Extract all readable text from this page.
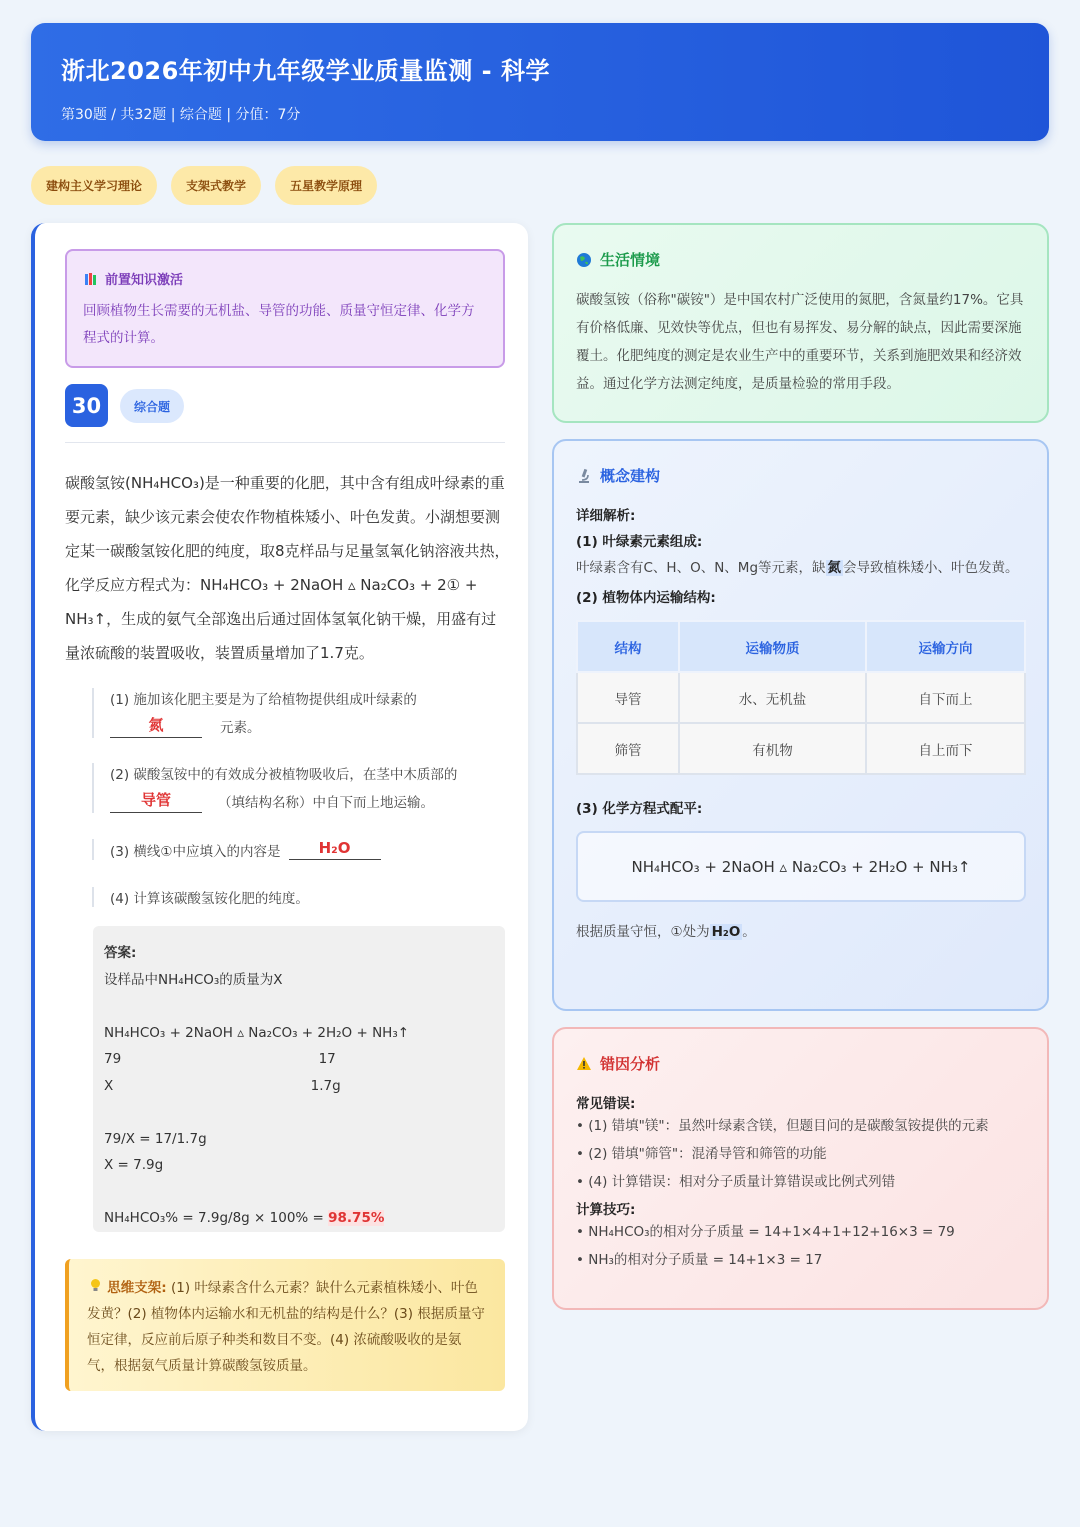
浙北2026年初中九年级学业质量监测 - 科学
第30题 / 共32题 | 综合题 | 分值：7分
建构主义学习理论	支架式教学	五星教学原理
前置知识激活
回顾植物生长需要的无机盐、导管的功能、质量守恒定律、化学方程式的计算。
30	综合题
碳酸氢铵(NH₄HCO₃)是一种重要的化肥，其中含有组成叶绿素的重要元素，缺少该元素会使农作物植株矮小、叶色发黄。小湖想要测定某一碳酸氢铵化肥的纯度，取8克样品与足量氢氧化钠溶液共热，化学反应方程式为：NH₄HCO₃ + 2NaOH ▵ Na₂CO₃ + 2① + NH₃↑，生成的氨气全部逸出后通过固体氢氧化钠干燥，用盛有过量浓硫酸的装置吸收，装置质量增加了1.7克。
(1) 施加该化肥主要是为了给植物提供组成叶绿素的
氮	元素。
(2) 碳酸氢铵中的有效成分被植物吸收后，在茎中木质部的
导管	（填结构名称）中自下而上地运输。
(3) 横线①中应填入的内容是	H₂O
(4) 计算该碳酸氢铵化肥的纯度。
答案:
设样品中NH₄HCO₃的质量为X
NH₄HCO₃ + 2NaOH ▵ Na₂CO₃ + 2H₂O + NH₃↑
79                                              17
X                                              1.7g
79/X = 17/1.7g
X = 7.9g
NH₄HCO₃% = 7.9g/8g × 100% = 98.75%
思维支架: (1) 叶绿素含什么元素？缺什么元素植株矮小、叶色发黄？(2) 植物体内运输水和无机盐的结构是什么？(3) 根据质量守恒定律，反应前后原子种类和数目不变。(4) 浓硫酸吸收的是氨气，根据氨气质量计算碳酸氢铵质量。
生活情境
碳酸氢铵（俗称"碳铵"）是中国农村广泛使用的氮肥，含氮量约17%。它具有价格低廉、见效快等优点，但也有易挥发、易分解的缺点，因此需要深施覆土。化肥纯度的测定是农业生产中的重要环节，关系到施肥效果和经济效益。通过化学方法测定纯度，是质量检验的常用手段。
概念建构
详细解析:
(1) 叶绿素元素组成:
叶绿素含有C、H、O、N、Mg等元素，缺 氮 会导致植株矮小、叶色发黄。
(2) 植物体内运输结构:
结构	运输物质	运输方向
导管	水、无机盐	自下而上
筛管	有机物	自上而下
(3) 化学方程式配平:
NH₄HCO₃ + 2NaOH ▵ Na₂CO₃ + 2H₂O + NH₃↑
根据质量守恒，①处为 H₂O 。
错因分析
常见错误:
• (1) 错填"镁"：虽然叶绿素含镁，但题目问的是碳酸氢铵提供的元素
• (2) 错填"筛管"：混淆导管和筛管的功能
• (4) 计算错误：相对分子质量计算错误或比例式列错
计算技巧:
• NH₄HCO₃的相对分子质量 = 14+1×4+1+12+16×3 = 79
• NH₃的相对分子质量 = 14+1×3 = 17
